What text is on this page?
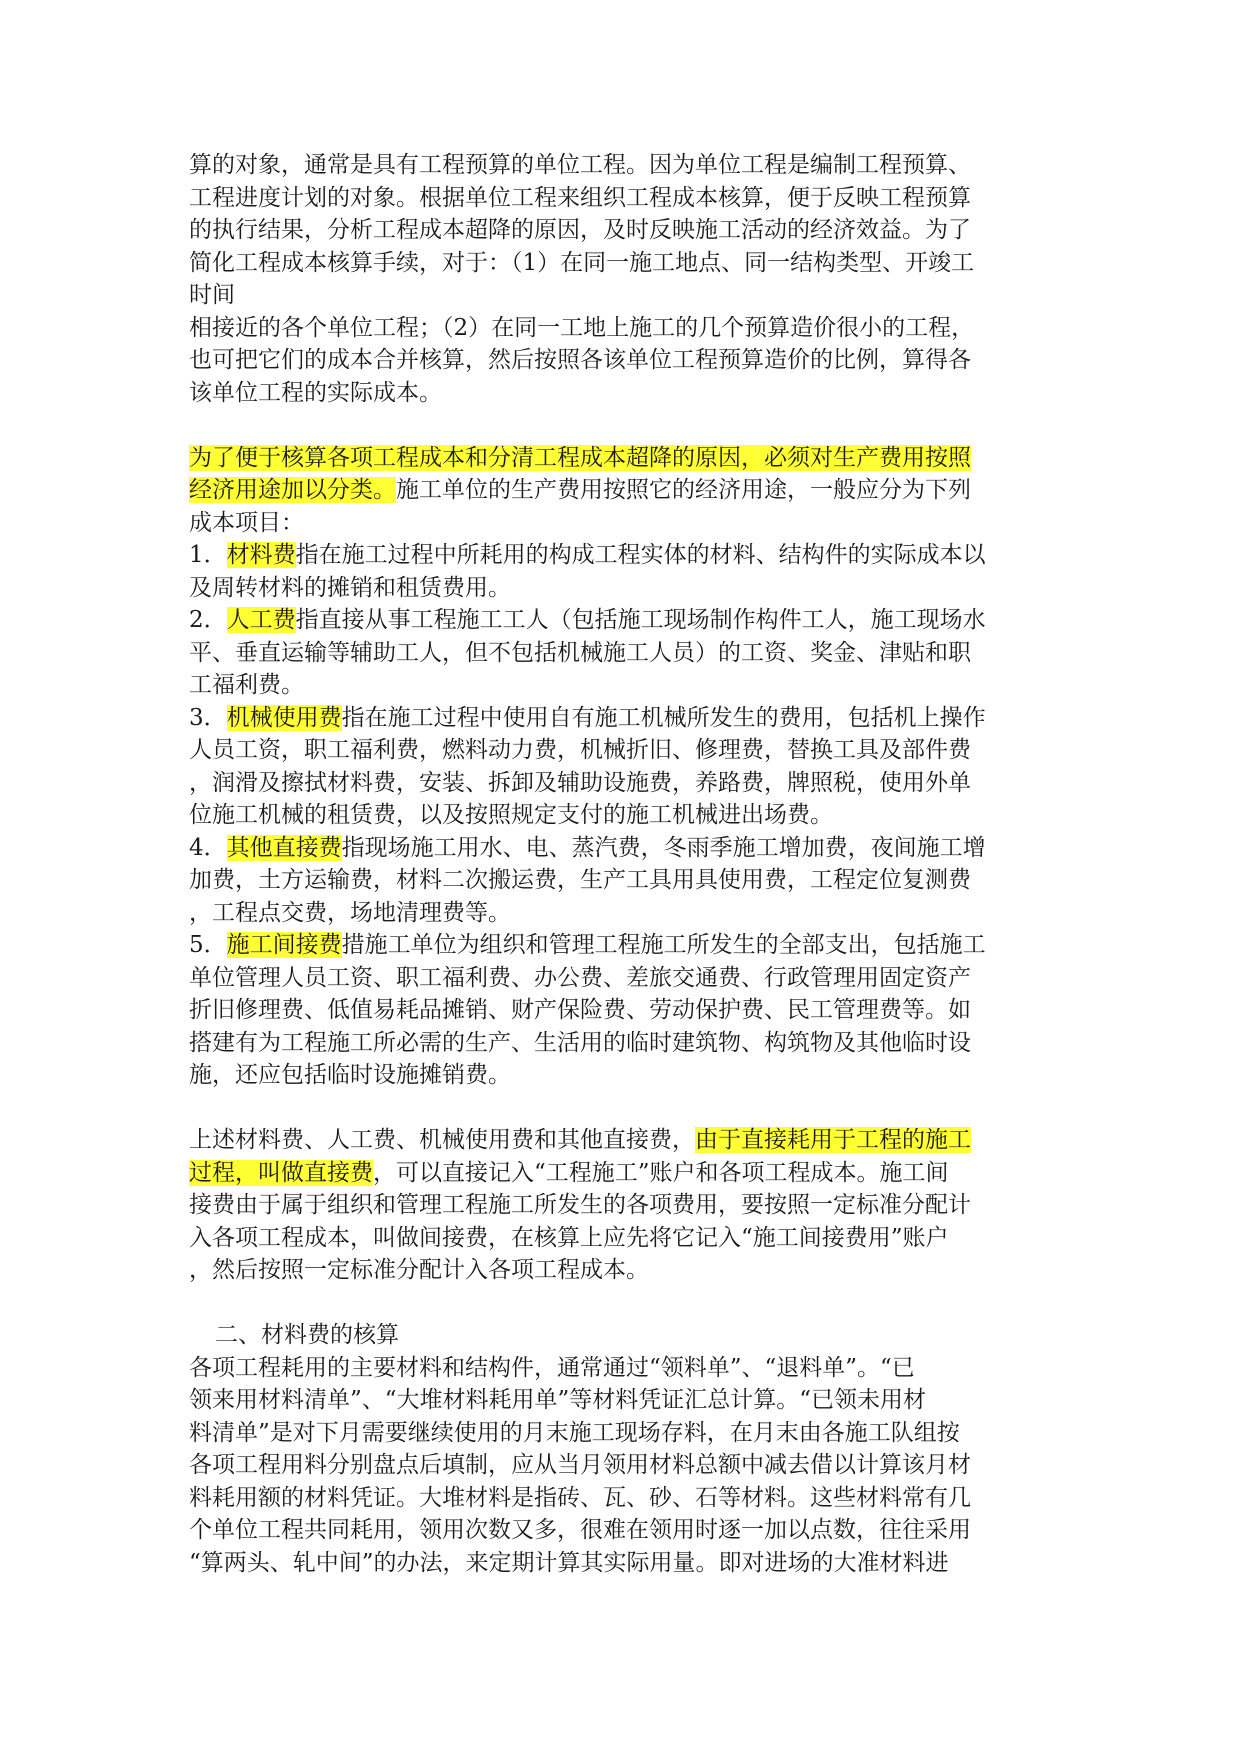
算的对象，通常是具有工程预算的单位工程。因为单位工程是编制工程预算、
工程进度计划的对象。根据单位工程来组织工程成本核算，便于反映工程预算
的执行结果，分析工程成本超降的原因，及时反映施工活动的经济效益。为了
简化工程成本核算手续，对于：（1）在同一施工地点、同一结构类型、开竣工
时间
相接近的各个单位工程；（2）在同一工地上施工的几个预算造价很小的工程，
也可把它们的成本合并核算，然后按照各该单位工程预算造价的比例，算得各
该单位工程的实际成本。
为了便于核算各项工程成本和分清工程成本超降的原因，必须对生产费用按照
经济用途加以分类。施工单位的生产费用按照它的经济用途，一般应分为下列
成本项目：
1．材料费指在施工过程中所耗用的构成工程实体的材料、结构件的实际成本以
及周转材料的摊销和租赁费用。
2．人工费指直接从事工程施工工人（包括施工现场制作构件工人，施工现场水
平、垂直运输等辅助工人，但不包括机械施工人员）的工资、奖金、津贴和职
工福利费。
3．机械使用费指在施工过程中使用自有施工机械所发生的费用，包括机上操作
人员工资，职工福利费，燃料动力费，机械折旧、修理费，替换工具及部件费
，润滑及擦拭材料费，安装、拆卸及辅助设施费，养路费，牌照税，使用外单
位施工机械的租赁费，以及按照规定支付的施工机械进出场费。
4．其他直接费指现场施工用水、电、蒸汽费，冬雨季施工增加费，夜间施工增
加费，土方运输费，材料二次搬运费，生产工具用具使用费，工程定位复测费
，工程点交费，场地清理费等。
5．施工间接费措施工单位为组织和管理工程施工所发生的全部支出，包括施工
单位管理人员工资、职工福利费、办公费、差旅交通费、行政管理用固定资产
折旧修理费、低值易耗品摊销、财产保险费、劳动保护费、民工管理费等。如
搭建有为工程施工所必需的生产、生活用的临时建筑物、构筑物及其他临时设
施，还应包括临时设施摊销费。
上述材料费、人工费、机械使用费和其他直接费，由于直接耗用于工程的施工
过程，叫做直接费，可以直接记入“工程施工”账户和各项工程成本。施工间
接费由于属于组织和管理工程施工所发生的各项费用，要按照一定标准分配计
入各项工程成本，叫做间接费，在核算上应先将它记入“施工间接费用”账户
，然后按照一定标准分配计入各项工程成本。
二、材料费的核算
各项工程耗用的主要材料和结构件，通常通过“领料单”、“退料单”。“已
领来用材料清单”、“大堆材料耗用单”等材料凭证汇总计算。“已领未用材
料清单”是对下月需要继续使用的月末施工现场存料，在月末由各施工队组按
各项工程用料分别盘点后填制，应从当月领用材料总额中减去借以计算该月材
料耗用额的材料凭证。大堆材料是指砖、瓦、砂、石等材料。这些材料常有几
个单位工程共同耗用，领用次数又多，很难在领用时逐一加以点数，往往采用
“算两头、轧中间”的办法，来定期计算其实际用量。即对进场的大准材料进
